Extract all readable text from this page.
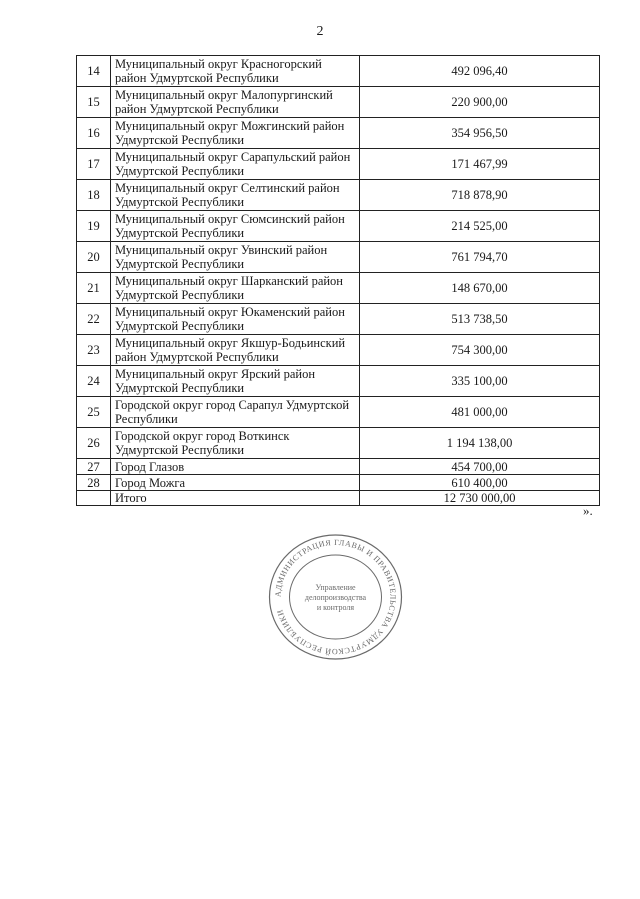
2
14	Муниципальный округ Красногорский район Удмуртской Республики	492 096,40
15	Муниципальный округ Малопургинский район Удмуртской Республики	220 900,00
16	Муниципальный округ Можгинский район Удмуртской Республики	354 956,50
17	Муниципальный округ Сарапульский район Удмуртской Республики	171 467,99
18	Муниципальный округ Селтинский район Удмуртской Республики	718 878,90
19	Муниципальный округ Сюмсинский район Удмуртской Республики	214 525,00
20	Муниципальный округ Увинский район Удмуртской Республики	761 794,70
21	Муниципальный округ Шарканский район Удмуртской Республики	148 670,00
22	Муниципальный округ Юкаменский район Удмуртской Республики	513 738,50
23	Муниципальный округ Якшур-Бодьинский район Удмуртской Республики	754 300,00
24	Муниципальный округ Ярский район Удмуртской Республики	335 100,00
25	Городской округ город Сарапул Удмуртской Республики	481 000,00
26	Городской округ город Воткинск Удмуртской Республики	1 194 138,00
27	Город Глазов	454 700,00
28	Город Можга	610 400,00
	Итого	12 730 000,00
».
АДМИНИСТРАЦИЯ ГЛАВЫ И ПРАВИТЕЛЬСТВА УДМУРТСКОЙ РЕСПУБЛИКИ
Управление
делопроизводства
и контроля
